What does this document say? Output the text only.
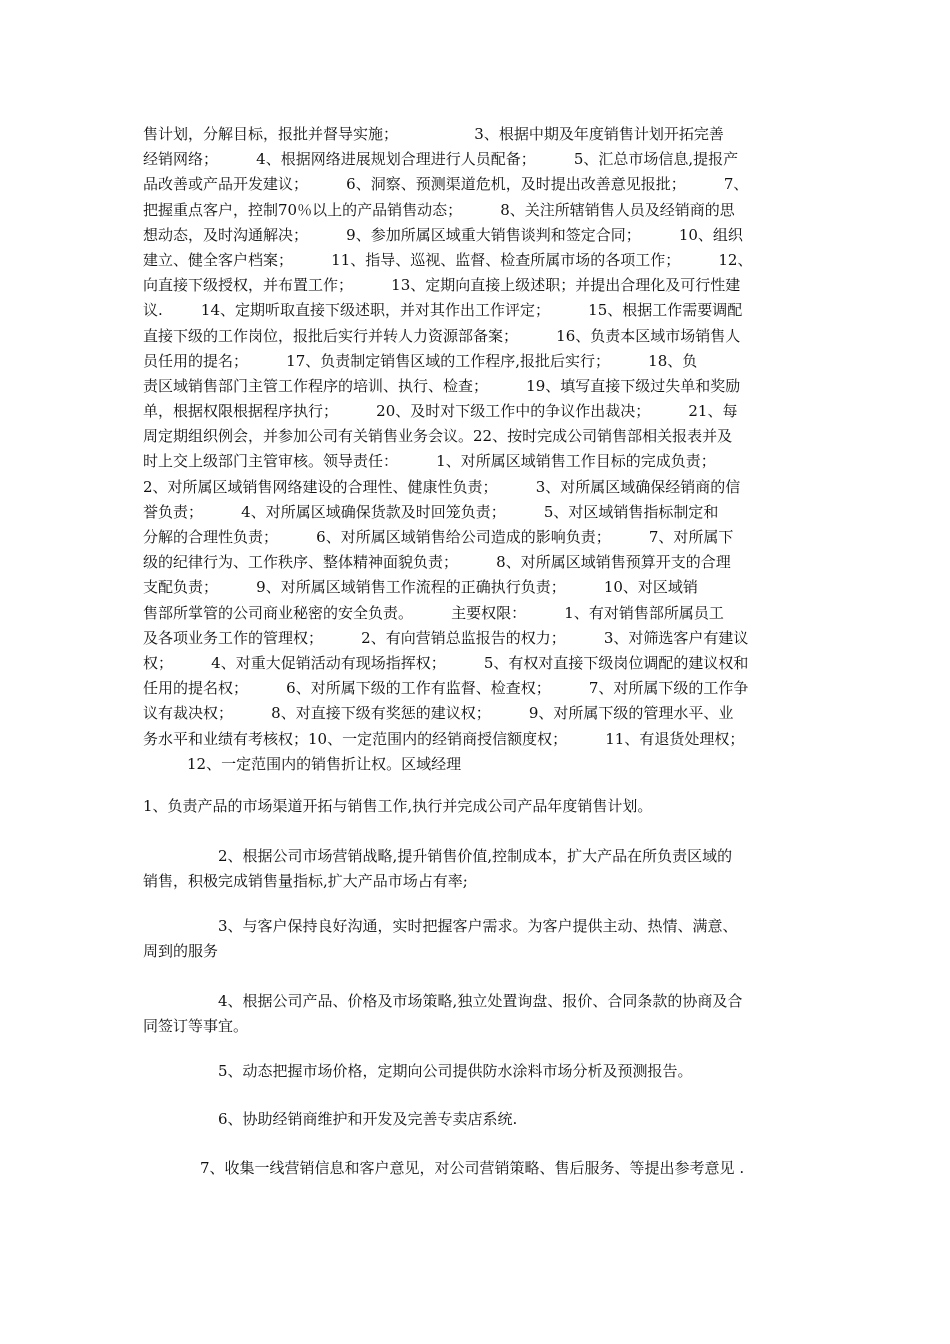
售计划，分解目标，报批并督导实施；                3、根据中期及年度销售计划开拓完善
经销网络；        4、根据网络进展规划合理进行人员配备；        5、汇总市场信息,提报产
品改善或产品开发建议；        6、洞察、预测渠道危机，及时提出改善意见报批；        7、
把握重点客户，控制70％以上的产品销售动态；        8、关注所辖销售人员及经销商的思
想动态，及时沟通解决；        9、参加所属区域重大销售谈判和签定合同；        10、组织
建立、健全客户档案；        11、指导、巡视、监督、检查所属市场的各项工作；        12、
向直接下级授权，并布置工作；        13、定期向直接上级述职；并提出合理化及可行性建
议.        14、定期听取直接下级述职，并对其作出工作评定；        15、根据工作需要调配
直接下级的工作岗位，报批后实行并转人力资源部备案；        16、负责本区域市场销售人
员任用的提名；        17、负责制定销售区域的工作程序,报批后实行；        18、负
责区域销售部门主管工作程序的培训、执行、检查；        19、填写直接下级过失单和奖励
单，根据权限根据程序执行；        20、及时对下级工作中的争议作出裁决；        21、每
周定期组织例会，并参加公司有关销售业务会议。22、按时完成公司销售部相关报表并及
时上交上级部门主管审核。领导责任：        1、对所属区域销售工作目标的完成负责；
2、对所属区域销售网络建设的合理性、健康性负责；        3、对所属区域确保经销商的信
誉负责；        4、对所属区域确保货款及时回笼负责；        5、对区域销售指标制定和
分解的合理性负责；        6、对所属区域销售给公司造成的影响负责；        7、对所属下
级的纪律行为、工作秩序、整体精神面貌负责；        8、对所属区域销售预算开支的合理
支配负责；        9、对所属区域销售工作流程的正确执行负责；        10、对区域销
售部所掌管的公司商业秘密的安全负责。        主要权限：        1、有对销售部所属员工
及各项业务工作的管理权；        2、有向营销总监报告的权力；        3、对筛选客户有建议
权；        4、对重大促销活动有现场指挥权；        5、有权对直接下级岗位调配的建议权和
任用的提名权；        6、对所属下级的工作有监督、检查权；        7、对所属下级的工作争
议有裁决权；        8、对直接下级有奖惩的建议权；        9、对所属下级的管理水平、业
务水平和业绩有考核权；10、一定范围内的经销商授信额度权；        11、有退货处理权；
12、一定范围内的销售折让权。区域经理
1、负责产品的市场渠道开拓与销售工作,执行并完成公司产品年度销售计划。
2、根据公司市场营销战略,提升销售价值,控制成本，扩大产品在所负责区域的
销售，积极完成销售量指标,扩大产品市场占有率;
3、与客户保持良好沟通，实时把握客户需求。为客户提供主动、热情、满意、
周到的服务
4、根据公司产品、价格及市场策略,独立处置询盘、报价、合同条款的协商及合
同签订等事宜。
5、动态把握市场价格，定期向公司提供防水涂料市场分析及预测报告。
6、协助经销商维护和开发及完善专卖店系统.
7、收集一线营销信息和客户意见，对公司营销策略、售后服务、等提出参考意见 .
